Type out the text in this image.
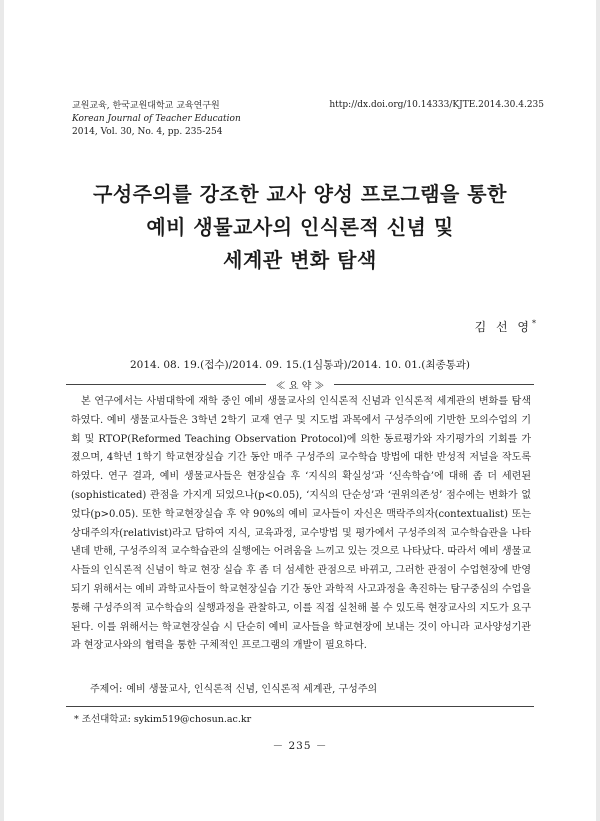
교원교육, 한국교원대학교 교육연구원
Korean Journal of Teacher Education
2014, Vol. 30, No. 4, pp. 235-254
http://dx.doi.org/10.14333/KJTE.2014.30.4.235
구성주의를 강조한 교사 양성 프로그램을 통한
예비 생물교사의 인식론적 신념 및
세계관 변화 탐색
김 선 영*
2014. 08. 19.(접수)/2014. 09. 15.(1심통과)/2014. 10. 01.(최종통과)
≪ 요 약 ≫
본 연구에서는 사범대학에 재학 중인 예비 생물교사의 인식론적 신념과 인식론적 세계관의 변화를 탐색하였다. 예비 생물교사들은 3학년 2학기 교재 연구 및 지도법 과목에서 구성주의에 기반한 모의수업의 기회 및 RTOP(Reformed Teaching Observation Protocol)에 의한 동료평가와 자기평가의 기회를 가졌으며, 4학년 1학기 학교현장실습 기간 동안 매주 구성주의 교수학습 방법에 대한 반성적 저널을 작도록 하였다. 연구 결과, 예비 생물교사들은 현장실습 후 ‘지식의 확실성’과 ‘신속학습’에 대해 좀 더 세련된(sophisticated) 관점을 가지게 되었으나(p<0.05), ‘지식의 단순성’과 ‘권위의존성’ 점수에는 변화가 없었다(p>0.05). 또한 학교현장실습 후 약 90%의 예비 교사들이 자신은 맥락주의자(contextualist) 또는 상대주의자(relativist)라고 답하여 지식, 교육과정, 교수방법 및 평가에서 구성주의적 교수학습관을 나타낸데 반해, 구성주의적 교수학습관의 실행에는 어려움을 느끼고 있는 것으로 나타났다. 따라서 예비 생물교사들의 인식론적 신념이 학교 현장 실습 후 좀 더 섬세한 관점으로 바뀌고, 그러한 관점이 수업현장에 반영되기 위해서는 예비 과학교사들이 학교현장실습 기간 동안 과학적 사고과정을 촉진하는 탐구중심의 수업을 통해 구성주의적 교수학습의 실행과정을 관찰하고, 이를 직접 실천해 볼 수 있도록 현장교사의 지도가 요구된다. 이를 위해서는 학교현장실습 시 단순히 예비 교사들을 학교현장에 보내는 것이 아니라 교사양성기관과 현장교사와의 협력을 통한 구체적인 프로그램의 개발이 필요하다.
주제어: 예비 생물교사, 인식론적 신념, 인식론적 세계관, 구성주의
* 조선대학교: sykim519@chosun.ac.kr
－ 235 －
